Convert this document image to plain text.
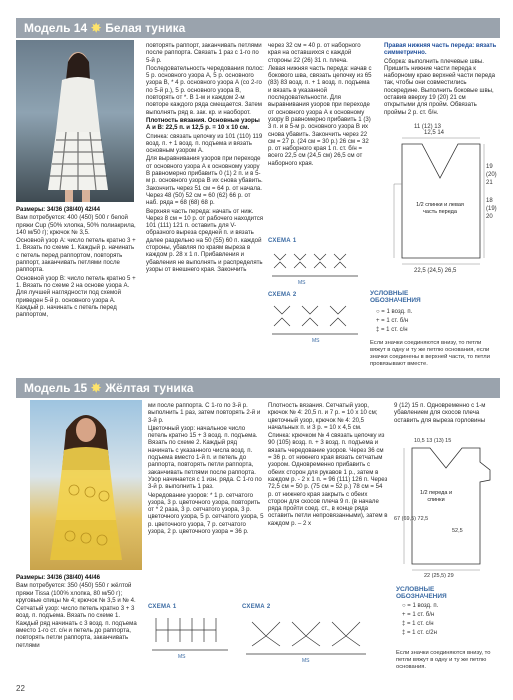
Модель 14 ✸ Белая туника

Размеры: 34/36 (38/40) 42/44

Вам потребуется: 400 (450) 500 г белой пряжи Cup (50% хлопка, 50% полиакрила, 140 м/50 г); крючок № 3,5.

Основной узор А: число петель кратно 3 + 1. Вязать по схеме 1. Каждый р. начинать с петель перед раппортом, повторять раппорт, заканчивать петлями после раппорта.

Основной узор В: число петель кратно 5 + 1. Вязать по схеме 2 на основе узора А. Для лучшей наглядности под схемой приведен 5-й р. основного узора А. Каждый р. начинать с петель перед раппортом,

повторять раппорт, заканчивать петлями после раппорта. Связать 1 раз с 1-го по 5-й р.

Последовательность чередования полос: 5 р. основного узора А, 5 р. основного узора В, * 4 р. основного узора А (со 2-го по 5-й р.), 5 р. основного узора В, повторять от *. В 1-м и каждом 2-м повторе каждого ряда смещается. Затем выполнять ряд в. зак. кр. и наоборот.

Плотность вязания. Основные узоры А и В: 22,5 п. и 12,5 р. = 10 х 10 см.

Спинка: связать цепочку из 101 (110) 119 возд. п. + 1 возд. п. подъема и вязать основным узором А.

Для выравнивания узоров при переходе от основного узора А к основному узору В равномерно прибавить 0 (1) 2 п. и в 5-м р. основного узора В их снова убавить. Закончить через 51 см = 64 р. от начала. Через 48 (50) 52 см = 60 (62) 66 р. от наб. ряда = 68 (68) 68 р.

Верхняя часть переда: начать от ниж. Через 8 см = 10 р. от рабочего находится 101 (111) 121 п. оставить для V-образного выреза средней п. и вязать далее раздельно на 50 (55) 60 п. каждой стороны, убавляя по краям выреза в каждом р. 28 х 1 п. Прибавления и убавления не выполнять и распределять узоры от внешнего края. Закончить

через 32 см = 40 р. от наборного края на оставшихся с каждой стороны 22 (26) 31 п. плеча.

Левая нижняя часть переда: начав с бокового шва, связать цепочку из 65 (83) 83 возд. п. + 1 возд. п. подъема и вязать в указанной последовательности. Для выравнивания узоров при переходе от основного узора А к основному узору В равномерно прибавить 1 (3) 3 п. и в 5-м р. основного узора В их снова убавить. Закончить через 22 см = 27 р. (24 см = 30 р.) 26 см = 32 р. от наборного края 1 п. ст. б/н = всего 22,5 см (24,5 см) 26,5 см от наборного края.

Правая нижняя часть переда: вязать симметрично.

Сборка: выполнить плечевые швы. Пришить нижние части переда к наборному краю верхней части переда так, чтобы они совместились посередине. Выполнить боковые швы, оставив вверху 19 (20) 21 см открытыми для пройм. Обвязать проймы 2 р. ст. б/н.

12,5 14
11 (12) 13
19
(20)
21
18
(19)
20
1/2 спинки и левая часть переда
22,5 (24,5) 26,5
СХЕМА 1
МS
СХЕМА 2
МS
УСЛОВНЫЕ ОБОЗНАЧЕНИЯ
○ = 1 возд. п.
+ = 1 ст. б/н
‡ = 1 ст. с/н
Если значки соединяются внизу, то петли вяжут в одну и ту же петлю основания, если значки соединены в верхней части, то петли провязывают вместе.
Модель 15 ✸ Жёлтая туника

Размеры: 34/36 (38/40) 44/46

Вам потребуется: 350 (450) 550 г жёлтой пряжи Tissa (100% хлопка, 80 м/50 г); круговые спицы № 4; крючок № 3,5 и № 4.

Сетчатый узор: число петель кратно 3 + 3 возд. п. подъема. Вязать по схеме 1. Каждый ряд начинать с 3 возд. п. подъема вместо 1-го ст. с/н и петель до раппорта, повторять петли раппорта, заканчивать петлями

ми после раппорта. С 1-го по 3-й р. выполнить 1 раз, затем повторять 2-й и 3-й р.

Цветочный узор: начальное число петель кратно 15 + 3 возд. п. подъема. Вязать по схеме 2. Каждый ряд начинать с указанного числа возд. п. подъема вместо 1-й п. и петель до раппорта, повторять петли раппорта, заканчивать петлями после раппорта. Узор начинается с 1 изн. ряда. С 1-го по 3-й р. выполнить 1 раз.

Чередование узоров: * 1 р. сетчатого узора, 3 р. цветочного узора, повторить от * 2 раза, 3 р. сетчатого узора, 3 р. цветочного узора, 5 р. сетчатого узора, 5 р. цветочного узора, 7 р. сетчатого узора, 2 р. цветочного узора = 36 р.

Плотность вязания. Сетчатый узор, крючок № 4: 20,5 п. и 7 р. = 10 x 10 см; цветочный узор, крючок № 4: 20,5 начальных п. и 3 р. = 10 x 4,5 см.

Спинка: крючком № 4 связать цепочку из 90 (105) возд. п. + 3 возд. п. подъема и вязать чередование узоров. Через 36 см = 36 р. от нижнего края вязать сетчатым узором. Одновременно прибавить с обеих сторон для рукавов 1 р., затем в каждом р. - 2 x 1 п. = 96 (111) 126 п. Через 72,5 см = 50 р. (75 см = 52 р.) 78 см = 54 р. от нижнего края закрыть с обеих сторон для скосов плеча 9 п. (в начале ряда пройти соед. ст., в конце ряда оставить петли непровязанными), затем в каждом р. – 2 x

9 (12) 15 п. Одновременно с 1-м убавлением для скосов плеча оставить для выреза горловины

10,5 13 (13) 15
67 (69,5) 72,5
52,5
1/2 переда и спинки
22 (25,5) 29
СХЕМА 1
МS
СХЕМА 2
МS
УСЛОВНЫЕ ОБОЗНАЧЕНИЯ
○ = 1 возд. п.
+ = 1 ст. б/н
‡ = 1 ст. с/н
‡ = 1 ст. с/2н
Если значки соединяются внизу, то петли вяжут в одну и ту же петлю основания.
22
